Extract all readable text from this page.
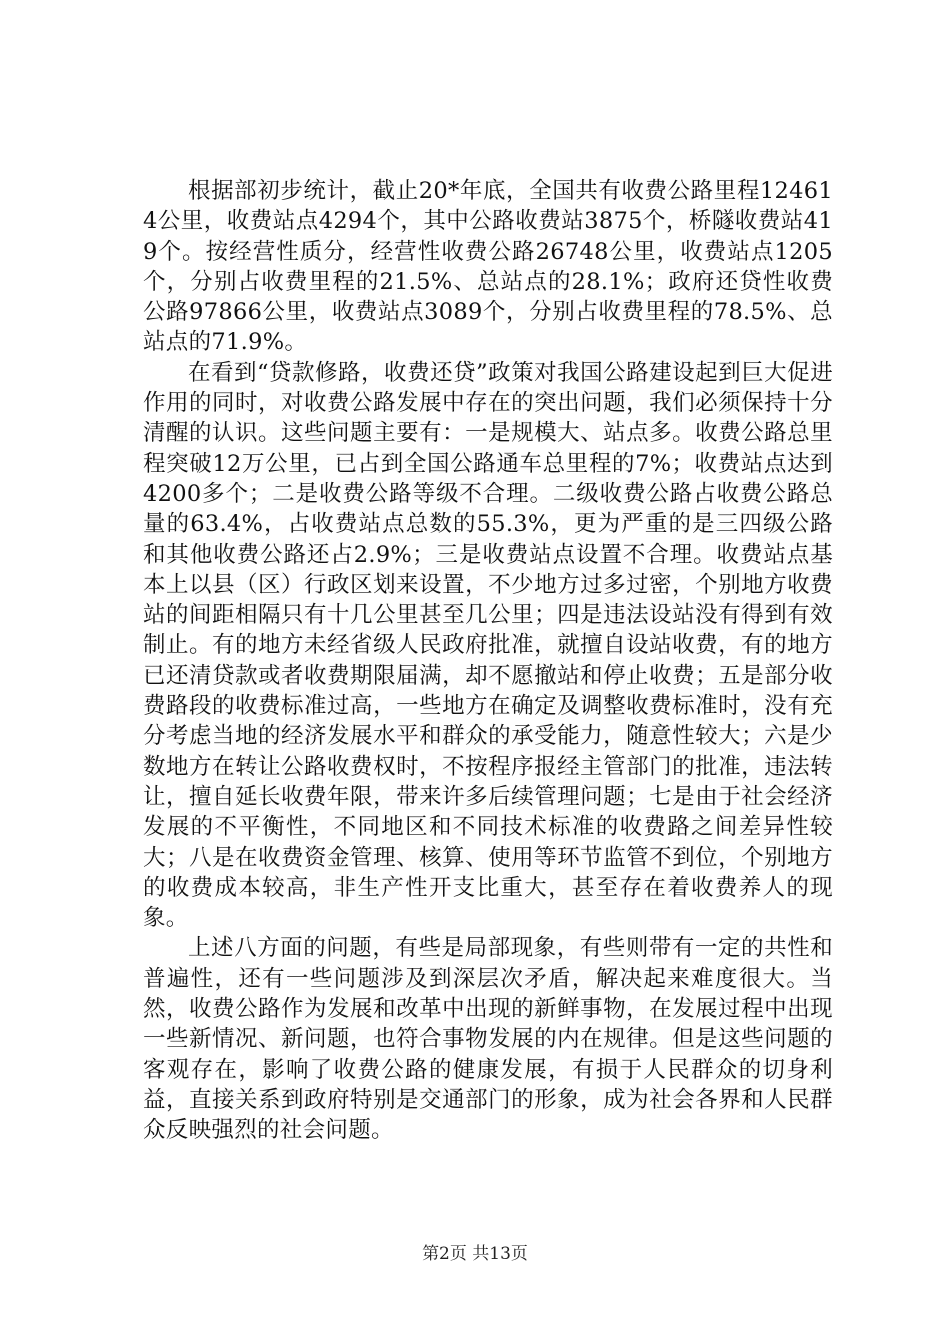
根据部初步统计，截止20*年底，全国共有收费公路里程124614公里，收费站点4294个，其中公路收费站3875个，桥隧收费站419个。按经营性质分，经营性收费公路26748公里，收费站点1205个，分别占收费里程的21.5%、总站点的28.1%；政府还贷性收费公路97866公里，收费站点3089个，分别占收费里程的78.5%、总站点的71.9%。

在看到“贷款修路，收费还贷”政策对我国公路建设起到巨大促进作用的同时，对收费公路发展中存在的突出问题，我们必须保持十分清醒的认识。这些问题主要有：一是规模大、站点多。收费公路总里程突破12万公里，已占到全国公路通车总里程的7%；收费站点达到4200多个；二是收费公路等级不合理。二级收费公路占收费公路总量的63.4%，占收费站点总数的55.3%，更为严重的是三四级公路和其他收费公路还占2.9%；三是收费站点设置不合理。收费站点基本上以县（区）行政区划来设置，不少地方过多过密，个别地方收费站的间距相隔只有十几公里甚至几公里；四是违法设站没有得到有效制止。有的地方未经省级人民政府批准，就擅自设站收费，有的地方已还清贷款或者收费期限届满，却不愿撤站和停止收费；五是部分收费路段的收费标准过高，一些地方在确定及调整收费标准时，没有充分考虑当地的经济发展水平和群众的承受能力，随意性较大；六是少数地方在转让公路收费权时，不按程序报经主管部门的批准，违法转让，擅自延长收费年限，带来许多后续管理问题；七是由于社会经济发展的不平衡性，不同地区和不同技术标准的收费路之间差异性较大；八是在收费资金管理、核算、使用等环节监管不到位，个别地方的收费成本较高，非生产性开支比重大，甚至存在着收费养人的现象。

上述八方面的问题，有些是局部现象，有些则带有一定的共性和普遍性，还有一些问题涉及到深层次矛盾，解决起来难度很大。当然，收费公路作为发展和改革中出现的新鲜事物，在发展过程中出现一些新情况、新问题，也符合事物发展的内在规律。但是这些问题的客观存在，影响了收费公路的健康发展，有损于人民群众的切身利益，直接关系到政府特别是交通部门的形象，成为社会各界和人民群众反映强烈的社会问题。

第2页 共13页
